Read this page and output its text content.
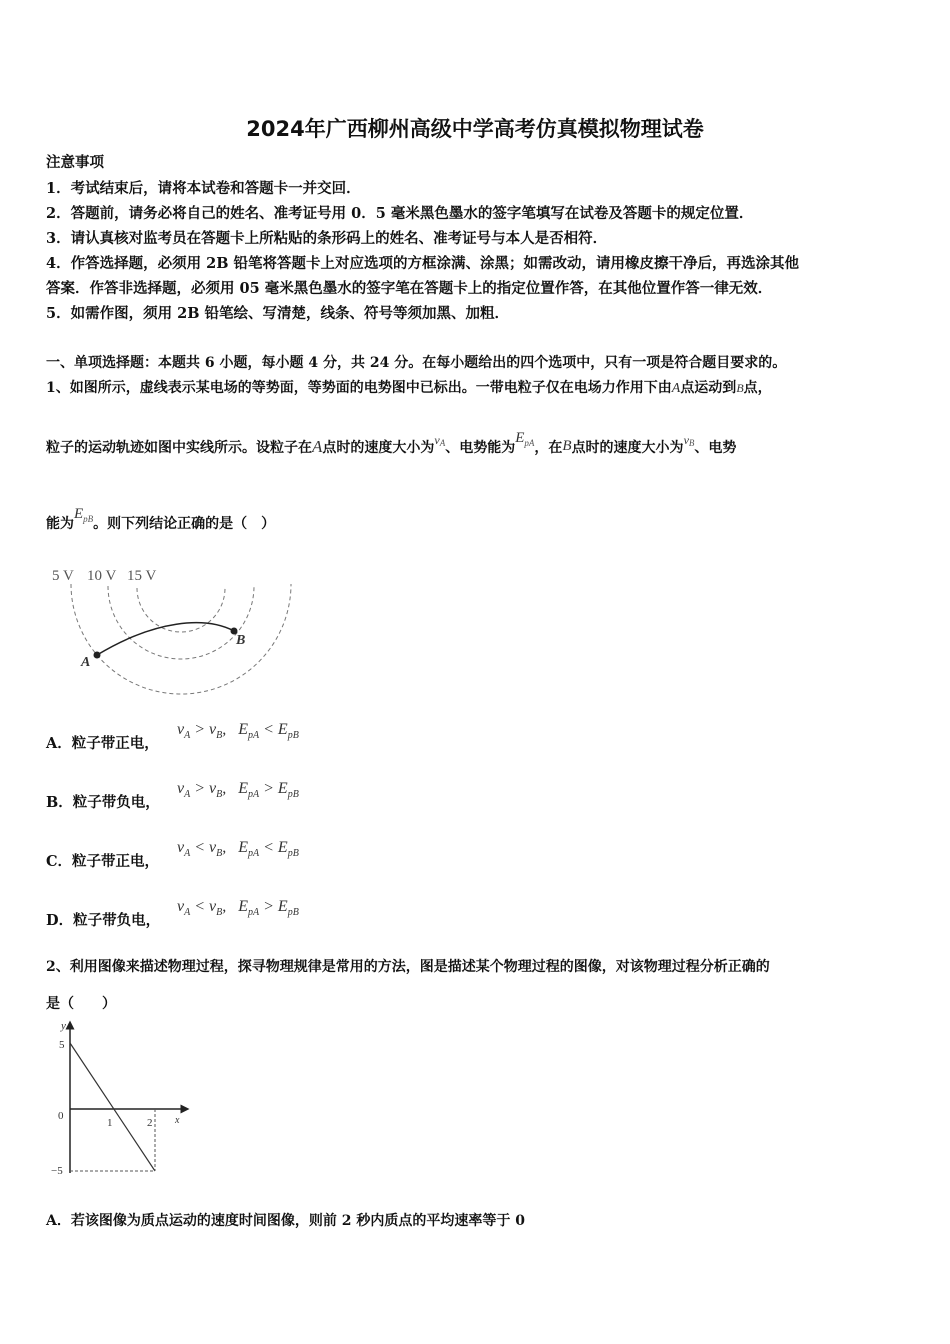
2024年广西柳州高级中学高考仿真模拟物理试卷
注意事项
1．考试结束后，请将本试卷和答题卡一并交回．
2．答题前，请务必将自己的姓名、准考证号用 0．5 毫米黑色墨水的签字笔填写在试卷及答题卡的规定位置．
3．请认真核对监考员在答题卡上所粘贴的条形码上的姓名、准考证号与本人是否相符．
4．作答选择题，必须用 2B 铅笔将答题卡上对应选项的方框涂满、涂黑；如需改动，请用橡皮擦干净后，再选涂其他
答案．作答非选择题，必须用 05 毫米黑色墨水的签字笔在答题卡上的指定位置作答，在其他位置作答一律无效．
5．如需作图，须用 2B 铅笔绘、写清楚，线条、符号等须加黑、加粗．
一、单项选择题：本题共 6 小题，每小题 4 分，共 24 分。在每小题给出的四个选项中，只有一项是符合题目要求的。
1、如图所示，虚线表示某电场的等势面，等势面的电势图中已标出。一带电粒子仅在电场力作用下由A点运动到B点，
粒子的运动轨迹如图中实线所示。设粒子在A点时的速度大小为$v^A$、电势能为$E^{pA}$，在B点时的速度大小为$v^B$、电势
能为$E^{pB}$。则下列结论正确的是（　）
5 V 10 V 15 V
A
B
A．粒子带正电，
$v_A > v_B$, $E_{pA} < E_{pB}$
B．粒子带负电，
$v_A > v_B$, $E_{pA} > E_{pB}$
C．粒子带正电，
$v_A < v_B$, $E_{pA} < E_{pB}$
D．粒子带负电，
$v_A < v_B$, $E_{pA} > E_{pB}$
2、利用图像来描述物理过程，探寻物理规律是常用的方法，图是描述某个物理过程的图像，对该物理过程分析正确的
是（　　）
y
x
5
0
−5
1	2
A．若该图像为质点运动的速度时间图像，则前 2 秒内质点的平均速率等于 0
